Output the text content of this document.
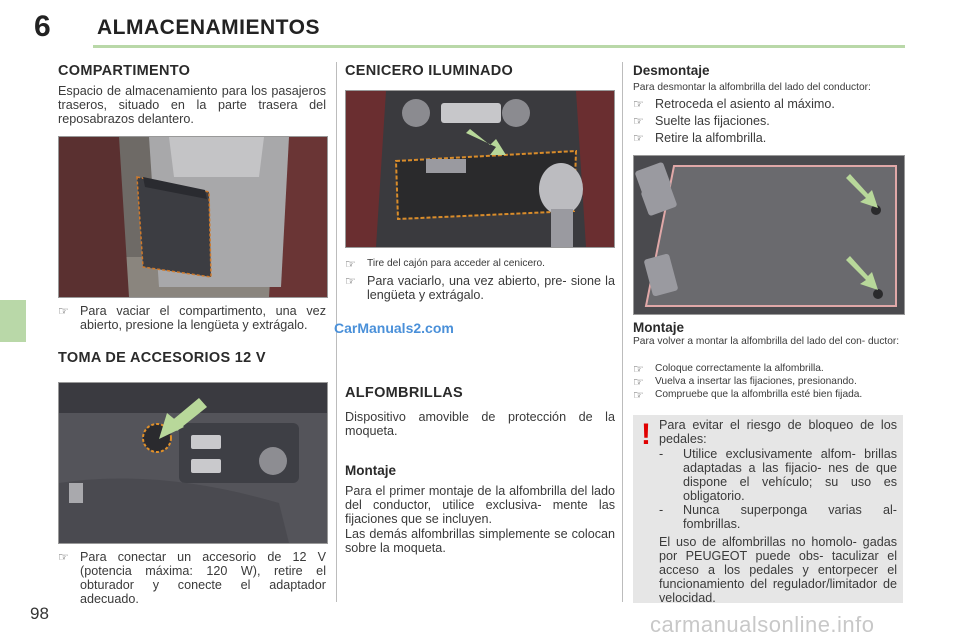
6 ALMACENAMIENTOS
98
COMPARTIMENTO
Espacio de almacenamiento para los pasajeros traseros, situado en la parte trasera del reposabrazos delantero.
☞ Para vaciar el compartimento, una vez abierto, presione la lengüeta y extrágalo.
TOMA DE ACCESORIOS 12 V
☞ Para conectar un accesorio de 12 V (potencia máxima: 120 W), retire el obturador y conecte el adaptador adecuado.
CENICERO ILUMINADO
☞	Tire del cajón para acceder al cenicero.
☞ Para vaciarlo, una vez abierto, pre- sione la lengüeta y extrágalo.
CarManuals2.com
ALFOMBRILLAS
Dispositivo amovible de protección de la moqueta.
Montaje
Para el primer montaje de la alfombrilla del lado del conductor, utilice exclusiva- mente las fijaciones que se incluyen.
Las demás alfombrillas simplemente se colocan sobre la moqueta.
Desmontaje
Para desmontar la alfombrilla del lado del conductor:
☞ Retroceda el asiento al máximo.
☞ Suelte las fijaciones.
☞ Retire la alfombrilla.
Montaje
Para volver a montar la alfombrilla del lado del con- ductor:
☞	Coloque correctamente la alfombrilla.
☞	Vuelva a insertar las fijaciones, presionando.
☞	Compruebe que la alfombrilla esté bien fijada.
! Para evitar el riesgo de bloqueo de los pedales:
-	Utilice exclusivamente alfom- brillas adaptadas a las fijacio- nes de que dispone el vehículo; su uso es obligatorio.
-	Nunca superponga varias al- fombrillas.
El uso de alfombrillas no homolo- gadas por PEUGEOT puede obs- taculizar el acceso a los pedales y entorpecer el funcionamiento del regulador/limitador de velocidad.
carmanualsonline.info
